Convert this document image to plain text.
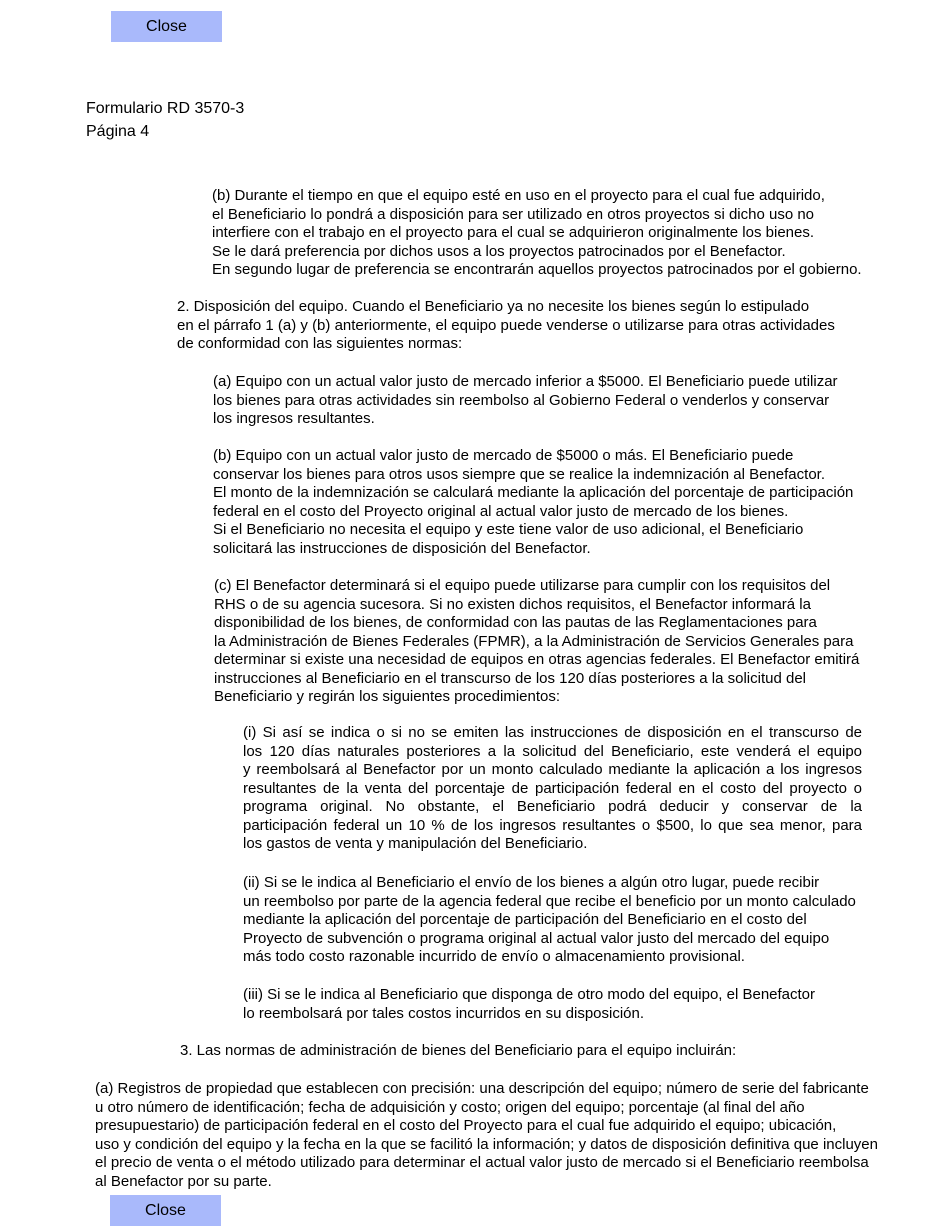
Close
Formulario RD 3570-3
Página 4
(b) Durante el tiempo en que el equipo esté en uso en el proyecto para el cual fue adquirido,
el Beneficiario lo pondrá a disposición para ser utilizado en otros proyectos si dicho uso no
interfiere con el trabajo en el proyecto para el cual se adquirieron originalmente los bienes.
Se le dará preferencia por dichos usos a los proyectos patrocinados por el Benefactor.
En segundo lugar de preferencia se encontrarán aquellos proyectos patrocinados por el gobierno.
2. Disposición del equipo. Cuando el Beneficiario ya no necesite los bienes según lo estipulado
en el párrafo 1 (a) y (b) anteriormente, el equipo puede venderse o utilizarse para otras actividades
de conformidad con las siguientes normas:
(a) Equipo con un actual valor justo de mercado inferior a $5000. El Beneficiario puede utilizar
los bienes para otras actividades sin reembolso al Gobierno Federal o venderlos y conservar
los ingresos resultantes.
(b) Equipo con un actual valor justo de mercado de $5000 o más. El Beneficiario puede
conservar los bienes para otros usos siempre que se realice la indemnización al Benefactor.
El monto de la indemnización se calculará mediante la aplicación del porcentaje de participación
federal en el costo del Proyecto original al actual valor justo de mercado de los bienes.
Si el Beneficiario no necesita el equipo y este tiene valor de uso adicional, el Beneficiario
solicitará las instrucciones de disposición del Benefactor.
(c) El Benefactor determinará si el equipo puede utilizarse para cumplir con los requisitos del
RHS o de su agencia sucesora. Si no existen dichos requisitos, el Benefactor informará la
disponibilidad de los bienes, de conformidad con las pautas de las Reglamentaciones para
la Administración de Bienes Federales (FPMR), a la Administración de Servicios Generales para
determinar si existe una necesidad de equipos en otras agencias federales. El Benefactor emitirá
instrucciones al Beneficiario en el transcurso de los 120 días posteriores a la solicitud del
Beneficiario y regirán los siguientes procedimientos:
(i) Si así se indica o si no se emiten las instrucciones de disposición en el transcurso de
los 120 días naturales posteriores a la solicitud del Beneficiario, este venderá el equipo
y reembolsará al Benefactor por un monto calculado mediante la aplicación a los ingresos
resultantes de la venta del porcentaje de participación federal en el costo del proyecto o
programa original. No obstante, el Beneficiario podrá deducir y conservar de la
participación federal un 10 % de los ingresos resultantes o $500, lo que sea menor, para
los gastos de venta y manipulación del Beneficiario.
(ii) Si se le indica al Beneficiario el envío de los bienes a algún otro lugar, puede recibir
un reembolso por parte de la agencia federal que recibe el beneficio por un monto calculado
mediante la aplicación del porcentaje de participación del Beneficiario en el costo del
Proyecto de subvención o programa original al actual valor justo del mercado del equipo
más todo costo razonable incurrido de envío o almacenamiento provisional.
(iii) Si se le indica al Beneficiario que disponga de otro modo del equipo, el Benefactor
lo reembolsará por tales costos incurridos en su disposición.
3. Las normas de administración de bienes del Beneficiario para el equipo incluirán:
(a) Registros de propiedad que establecen con precisión: una descripción del equipo; número de serie del fabricante
u otro número de identificación; fecha de adquisición y costo; origen del equipo; porcentaje (al final del año
presupuestario) de participación federal en el costo del Proyecto para el cual fue adquirido el equipo; ubicación,
uso y condición del equipo y la fecha en la que se facilitó la información; y datos de disposición definitiva que incluyen
el precio de venta o el método utilizado para determinar el actual valor justo de mercado si el Beneficiario reembolsa
al Benefactor por su parte.
Close
